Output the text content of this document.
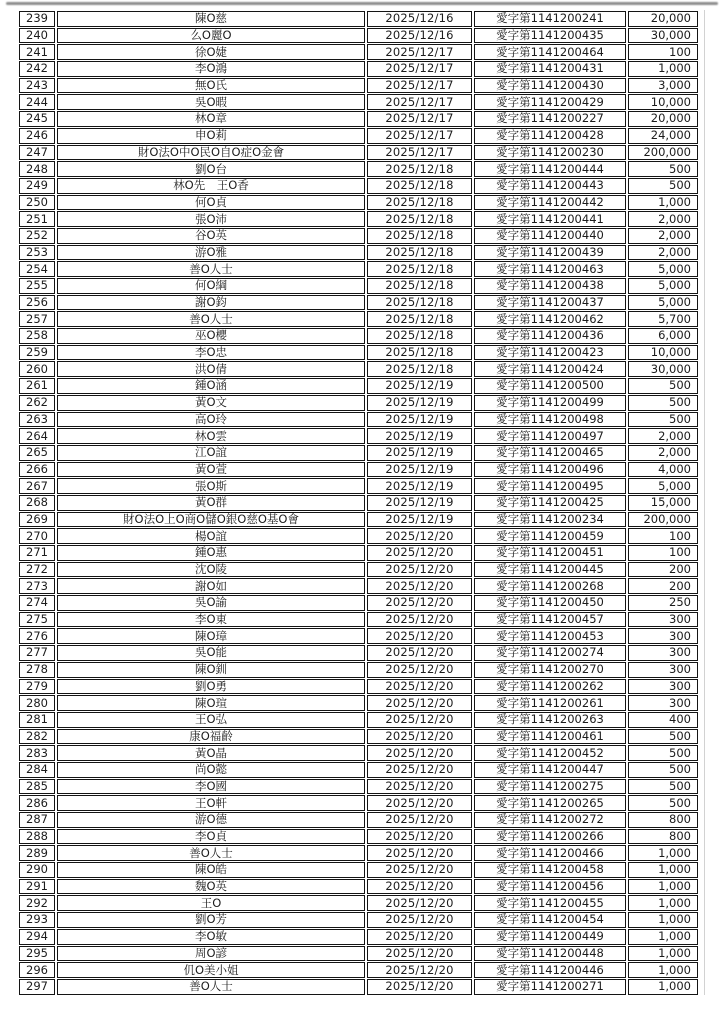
239	陳O慈	2025/12/16	愛字第1141200241	20,000
240	么O麗O	2025/12/16	愛字第1141200435	30,000
241	徐O婕	2025/12/17	愛字第1141200464	100
242	李O鴻	2025/12/17	愛字第1141200431	1,000
243	無O氏	2025/12/17	愛字第1141200430	3,000
244	吳O暇	2025/12/17	愛字第1141200429	10,000
245	林O章	2025/12/17	愛字第1141200227	20,000
246	申O莉	2025/12/17	愛字第1141200428	24,000
247	財O法O中O民O自O症O金會	2025/12/17	愛字第1141200230	200,000
248	劉O台	2025/12/18	愛字第1141200444	500
249	林O先　王O香	2025/12/18	愛字第1141200443	500
250	何O貞	2025/12/18	愛字第1141200442	1,000
251	張O沛	2025/12/18	愛字第1141200441	2,000
252	谷O英	2025/12/18	愛字第1141200440	2,000
253	游O雅	2025/12/18	愛字第1141200439	2,000
254	善O人士	2025/12/18	愛字第1141200463	5,000
255	何O綱	2025/12/18	愛字第1141200438	5,000
256	謝O鈞	2025/12/18	愛字第1141200437	5,000
257	善O人士	2025/12/18	愛字第1141200462	5,700
258	巫O櫻	2025/12/18	愛字第1141200436	6,000
259	李O忠	2025/12/18	愛字第1141200423	10,000
260	洪O倩	2025/12/18	愛字第1141200424	30,000
261	鍾O涵	2025/12/19	愛字第1141200500	500
262	黃O文	2025/12/19	愛字第1141200499	500
263	高O玲	2025/12/19	愛字第1141200498	500
264	林O雲	2025/12/19	愛字第1141200497	2,000
265	江O誼	2025/12/19	愛字第1141200465	2,000
266	黃O萱	2025/12/19	愛字第1141200496	4,000
267	張O斯	2025/12/19	愛字第1141200495	5,000
268	黃O群	2025/12/19	愛字第1141200425	15,000
269	財O法O上O商O儲O銀O慈O基O會	2025/12/19	愛字第1141200234	200,000
270	楊O誼	2025/12/20	愛字第1141200459	100
271	鍾O惠	2025/12/20	愛字第1141200451	100
272	沈O陵	2025/12/20	愛字第1141200445	200
273	謝O如	2025/12/20	愛字第1141200268	200
274	吳O諭	2025/12/20	愛字第1141200450	250
275	李O東	2025/12/20	愛字第1141200457	300
276	陳O璋	2025/12/20	愛字第1141200453	300
277	吳O能	2025/12/20	愛字第1141200274	300
278	陳O釧	2025/12/20	愛字第1141200270	300
279	劉O勇	2025/12/20	愛字第1141200262	300
280	陳O瑄	2025/12/20	愛字第1141200261	300
281	王O弘	2025/12/20	愛字第1141200263	400
282	康O福齡	2025/12/20	愛字第1141200461	500
283	黃O晶	2025/12/20	愛字第1141200452	500
284	尚O懿	2025/12/20	愛字第1141200447	500
285	李O國	2025/12/20	愛字第1141200275	500
286	王O軒	2025/12/20	愛字第1141200265	500
287	游O德	2025/12/20	愛字第1141200272	800
288	李O貞	2025/12/20	愛字第1141200266	800
289	善O人士	2025/12/20	愛字第1141200466	1,000
290	陳O皓	2025/12/20	愛字第1141200458	1,000
291	魏O英	2025/12/20	愛字第1141200456	1,000
292	王O	2025/12/20	愛字第1141200455	1,000
293	劉O芳	2025/12/20	愛字第1141200454	1,000
294	李O敏	2025/12/20	愛字第1141200449	1,000
295	周O諺	2025/12/20	愛字第1141200448	1,000
296	仉O美小姐	2025/12/20	愛字第1141200446	1,000
297	善O人士	2025/12/20	愛字第1141200271	1,000
